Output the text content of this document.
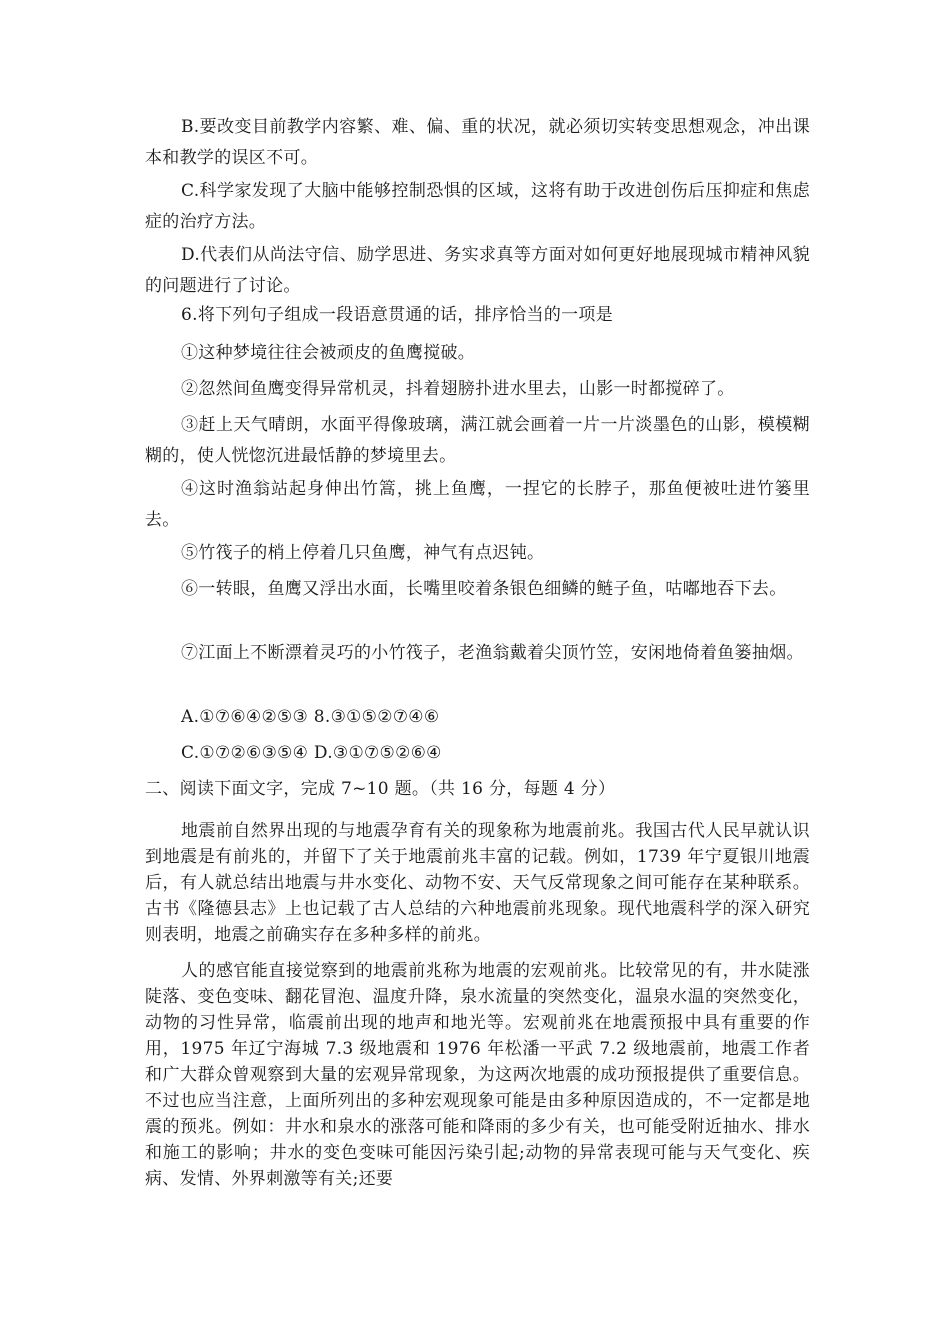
B.要改变目前教学内容繁、难、偏、重的状况，就必须切实转变思想观念，冲出课本和教学的误区不可。
C.科学家发现了大脑中能够控制恐惧的区域，这将有助于改进创伤后压抑症和焦虑症的治疗方法。
D.代表们从尚法守信、励学思进、务实求真等方面对如何更好地展现城市精神风貌的问题进行了讨论。
6.将下列句子组成一段语意贯通的话，排序恰当的一项是
①这种梦境往往会被顽皮的鱼鹰搅破。
②忽然间鱼鹰变得异常机灵，抖着翅膀扑进水里去，山影一时都搅碎了。
③赶上天气晴朗，水面平得像玻璃，满江就会画着一片一片淡墨色的山影，模模糊糊的，使人恍惚沉进最恬静的梦境里去。
④这时渔翁站起身伸出竹篙，挑上鱼鹰，一捏它的长脖子，那鱼便被吐进竹篓里去。
⑤竹筏子的梢上停着几只鱼鹰，神气有点迟钝。
⑥一转眼，鱼鹰又浮出水面，长嘴里咬着条银色细鳞的鲢子鱼，咕嘟地吞下去。
⑦江面上不断漂着灵巧的小竹筏子，老渔翁戴着尖顶竹笠，安闲地倚着鱼篓抽烟。
A.①⑦⑥④②⑤③ 8.③①⑤②⑦④⑥
C.①⑦②⑥③⑤④ D.③①⑦⑤②⑥④
二、阅读下面文字，完成 7~10 题。（共 16 分，每题 4 分）
地震前自然界出现的与地震孕育有关的现象称为地震前兆。我国古代人民早就认识到地震是有前兆的，并留下了关于地震前兆丰富的记载。例如，1739 年宁夏银川地震后，有人就总结出地震与井水变化、动物不安、天气反常现象之间可能存在某种联系。古书《隆德县志》上也记载了古人总结的六种地震前兆现象。现代地震科学的深入研究则表明，地震之前确实存在多种多样的前兆。
人的感官能直接觉察到的地震前兆称为地震的宏观前兆。比较常见的有，井水陡涨陡落、变色变味、翻花冒泡、温度升降，泉水流量的突然变化，温泉水温的突然变化，动物的习性异常，临震前出现的地声和地光等。宏观前兆在地震预报中具有重要的作用，1975 年辽宁海城 7.3 级地震和 1976 年松潘一平武 7.2 级地震前，地震工作者和广大群众曾观察到大量的宏观异常现象，为这两次地震的成功预报提供了重要信息。不过也应当注意，上面所列出的多种宏观现象可能是由多种原因造成的，不一定都是地震的预兆。例如：井水和泉水的涨落可能和降雨的多少有关，也可能受附近抽水、排水和施工的影响；井水的变色变味可能因污染引起;动物的异常表现可能与天气变化、疾病、发情、外界刺激等有关;还要
